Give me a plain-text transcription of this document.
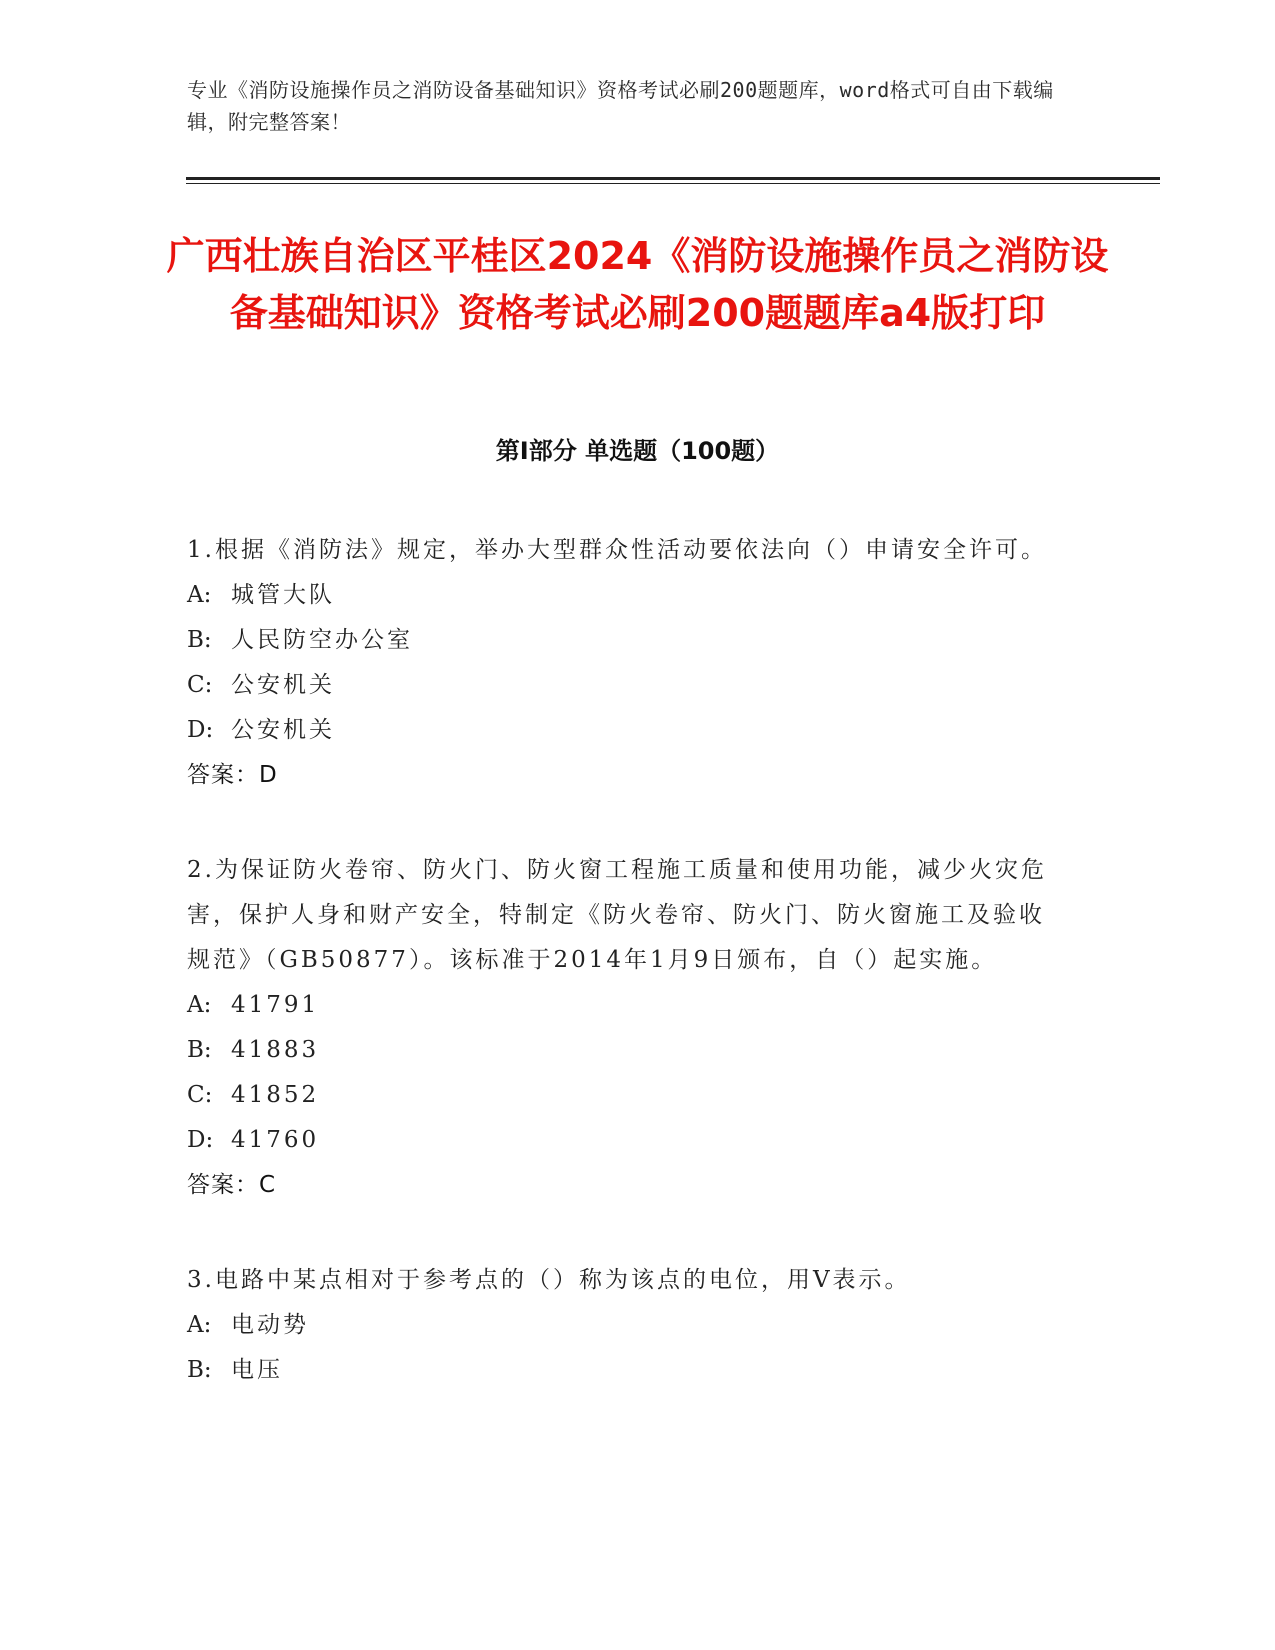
专业《消防设施操作员之消防设备基础知识》资格考试必刷200题题库，word格式可自由下载编辑，附完整答案！
广西壮族自治区平桂区2024《消防设施操作员之消防设备基础知识》资格考试必刷200题题库a4版打印
第Ⅰ部分 单选题（100题）

1.根据《消防法》规定，举办大型群众性活动要依法向（）申请安全许可。

A: 城管大队

B: 人民防空办公室

C: 公安机关

D: 公安机关

答案：D

2.为保证防火卷帘、防火门、防火窗工程施工质量和使用功能，减少火灾危害，保护人身和财产安全，特制定《防火卷帘、防火门、防火窗施工及验收规范》（GB50877）。该标准于2014年1月9日颁布，自（）起实施。

A: 41791

B: 41883

C: 41852

D: 41760

答案：C

3.电路中某点相对于参考点的（）称为该点的电位，用V表示。

A: 电动势

B: 电压
